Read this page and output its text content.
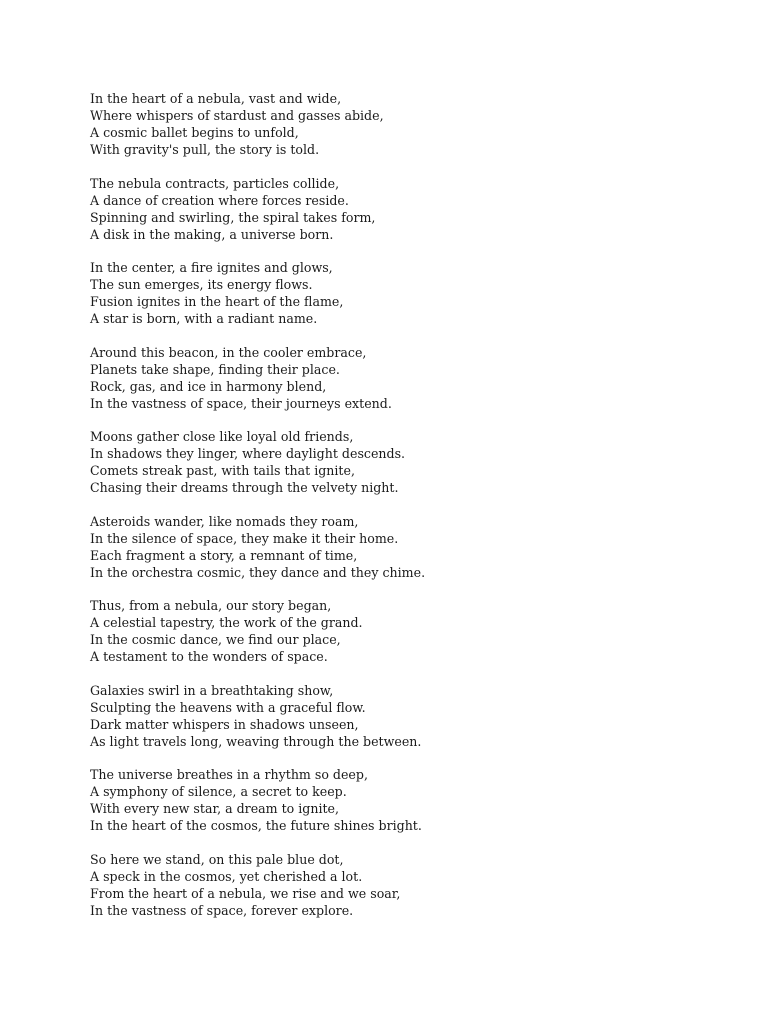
In the heart of a nebula, vast and wide,
Where whispers of stardust and gasses abide,
A cosmic ballet begins to unfold,
With gravity's pull, the story is told.
The nebula contracts, particles collide,
A dance of creation where forces reside.
Spinning and swirling, the spiral takes form,
A disk in the making, a universe born.
In the center, a fire ignites and glows,
The sun emerges, its energy flows.
Fusion ignites in the heart of the flame,
A star is born, with a radiant name.
Around this beacon, in the cooler embrace,
Planets take shape, finding their place.
Rock, gas, and ice in harmony blend,
In the vastness of space, their journeys extend.
Moons gather close like loyal old friends,
In shadows they linger, where daylight descends.
Comets streak past, with tails that ignite,
Chasing their dreams through the velvety night.
Asteroids wander, like nomads they roam,
In the silence of space, they make it their home.
Each fragment a story, a remnant of time,
In the orchestra cosmic, they dance and they chime.
Thus, from a nebula, our story began,
A celestial tapestry, the work of the grand.
In the cosmic dance, we find our place,
A testament to the wonders of space.
Galaxies swirl in a breathtaking show,
Sculpting the heavens with a graceful flow.
Dark matter whispers in shadows unseen,
As light travels long, weaving through the between.
The universe breathes in a rhythm so deep,
A symphony of silence, a secret to keep.
With every new star, a dream to ignite,
In the heart of the cosmos, the future shines bright.
So here we stand, on this pale blue dot,
A speck in the cosmos, yet cherished a lot.
From the heart of a nebula, we rise and we soar,
In the vastness of space, forever explore.
